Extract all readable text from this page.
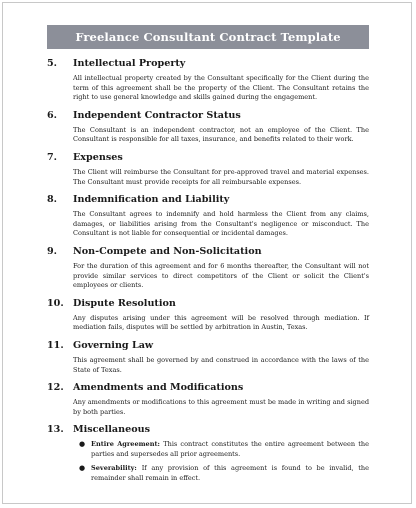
Freelance Consultant Contract Template
5.	Intellectual Property
All intellectual property created by the Consultant specifically for the Client during the term of this agreement shall be the property of the Client. The Consultant retains the right to use general knowledge and skills gained during the engagement.
6.	Independent Contractor Status
The Consultant is an independent contractor, not an employee of the Client. The Consultant is responsible for all taxes, insurance, and benefits related to their work.
7.	Expenses
The Client will reimburse the Consultant for pre-approved travel and material expenses. The Consultant must provide receipts for all reimbursable expenses.
8.	Indemnification and Liability
The Consultant agrees to indemnify and hold harmless the Client from any claims, damages, or liabilities arising from the Consultant's negligence or misconduct. The Consultant is not liable for consequential or incidental damages.
9.	Non-Compete and Non-Solicitation
For the duration of this agreement and for 6 months thereafter, the Consultant will not provide similar services to direct competitors of the Client or solicit the Client's employees or clients.
10. Dispute Resolution
Any disputes arising under this agreement will be resolved through mediation. If mediation fails, disputes will be settled by arbitration in Austin, Texas.
11. Governing Law
This agreement shall be governed by and construed in accordance with the laws of the State of Texas.
12. Amendments and Modifications
Any amendments or modifications to this agreement must be made in writing and signed by both parties.
13. Miscellaneous
● Entire Agreement: This contract constitutes the entire agreement between the parties and supersedes all prior agreements.
● Severability: If any provision of this agreement is found to be invalid, the remainder shall remain in effect.
